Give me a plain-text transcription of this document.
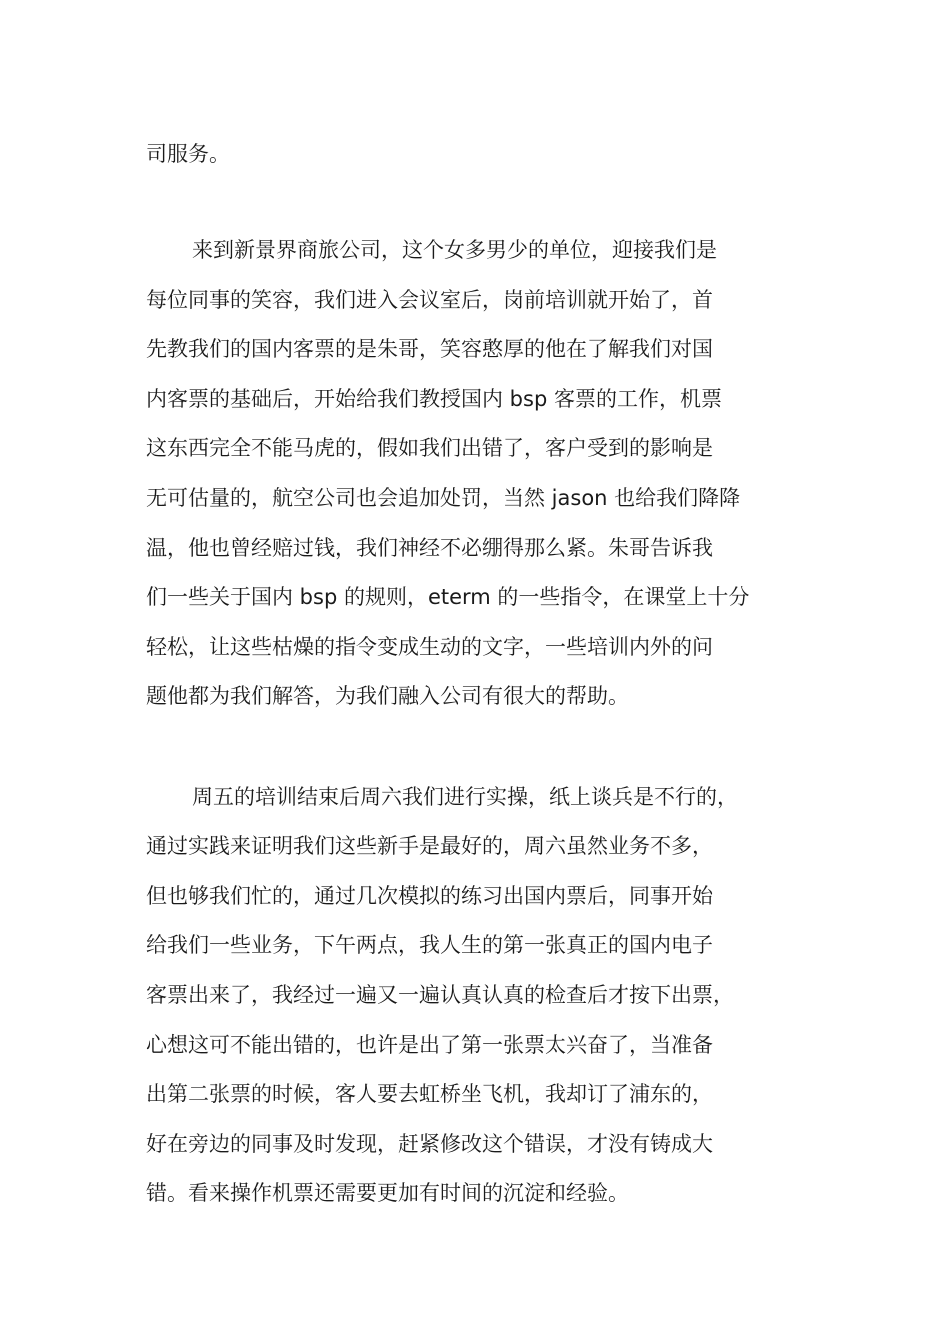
司服务。
来到新景界商旅公司，这个女多男少的单位，迎接我们是
每位同事的笑容，我们进入会议室后，岗前培训就开始了，首
先教我们的国内客票的是朱哥，笑容憨厚的他在了解我们对国
内客票的基础后，开始给我们教授国内 bsp 客票的工作，机票
这东西完全不能马虎的，假如我们出错了，客户受到的影响是
无可估量的，航空公司也会追加处罚，当然 jason 也给我们降降
温，他也曾经赔过钱，我们神经不必绷得那么紧。朱哥告诉我
们一些关于国内 bsp 的规则，eterm 的一些指令，在课堂上十分
轻松，让这些枯燥的指令变成生动的文字，一些培训内外的问
题他都为我们解答，为我们融入公司有很大的帮助。
周五的培训结束后周六我们进行实操，纸上谈兵是不行的，
通过实践来证明我们这些新手是最好的，周六虽然业务不多，
但也够我们忙的，通过几次模拟的练习出国内票后，同事开始
给我们一些业务，下午两点，我人生的第一张真正的国内电子
客票出来了，我经过一遍又一遍认真认真的检查后才按下出票，
心想这可不能出错的，也许是出了第一张票太兴奋了，当准备
出第二张票的时候，客人要去虹桥坐飞机，我却订了浦东的，
好在旁边的同事及时发现，赶紧修改这个错误，才没有铸成大
错。看来操作机票还需要更加有时间的沉淀和经验。
